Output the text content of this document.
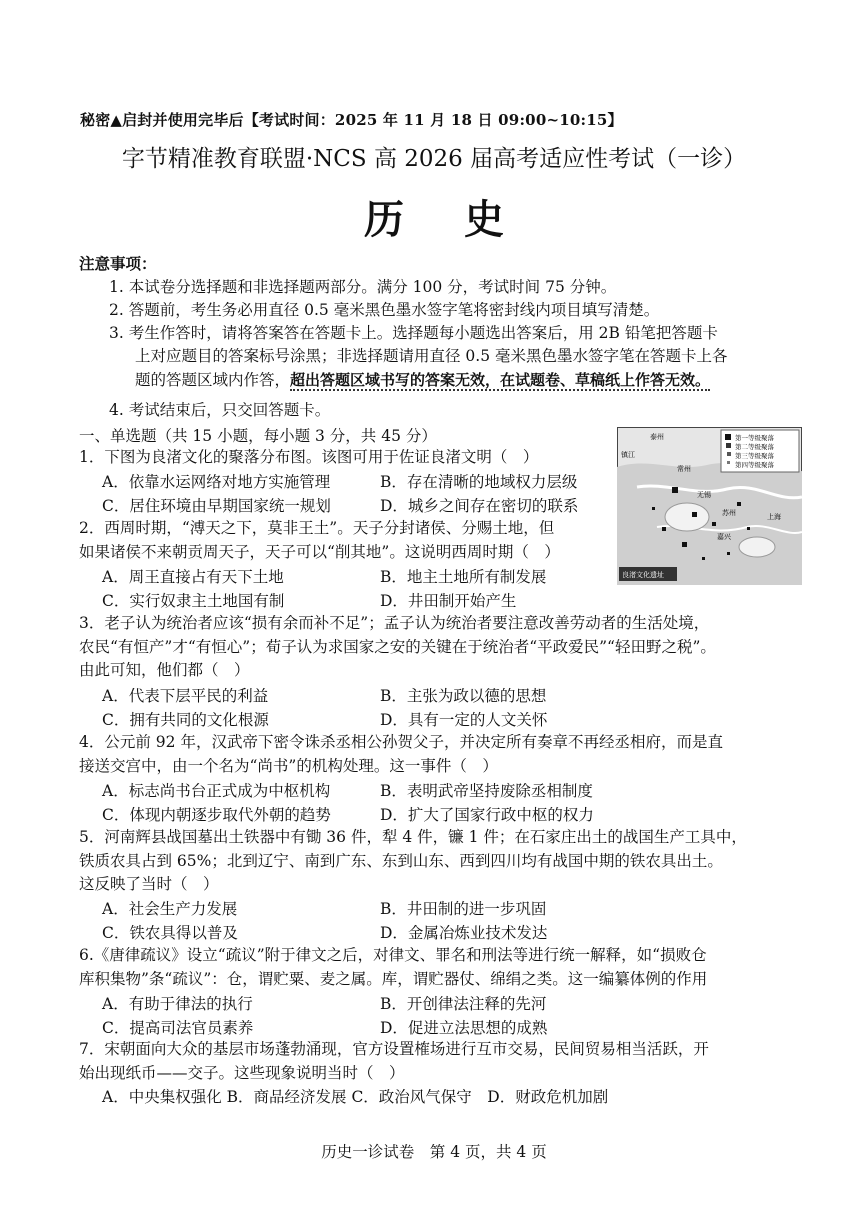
秘密▲启封并使用完毕后【考试时间：2025 年 11 月 18 日 09:00~10:15】
字节精准教育联盟·NCS 高 2026 届高考适应性考试（一诊）
历史
注意事项：
1. 本试卷分选择题和非选择题两部分。满分 100 分，考试时间 75 分钟。
2. 答题前，考生务必用直径 0.5 毫米黑色墨水签字笔将密封线内项目填写清楚。
3. 考生作答时，请将答案答在答题卡上。选择题每小题选出答案后，用 2B 铅笔把答题卡
上对应题目的答案标号涂黑；非选择题请用直径 0.5 毫米黑色墨水签字笔在答题卡上各
题的答题区域内作答，超出答题区域书写的答案无效，在试题卷、草稿纸上作答无效。
4. 考试结束后，只交回答题卡。
一、单选题（共 15 小题，每小题 3 分，共 45 分）	第一等级聚落
第二等级聚落
第三等级聚落
第四等级聚落
泰州
镇江
常州
无锡
苏州
嘉兴
上海
良渚文化遗址
1．下图为良渚文化的聚落分布图。该图可用于佐证良渚文明（　）
A．依靠水运网络对地方实施管理	B．存在清晰的地域权力层级
C．居住环境由早期国家统一规划	D．城乡之间存在密切的联系
2．西周时期，“溥天之下，莫非王土”。天子分封诸侯、分赐土地，但
如果诸侯不来朝贡周天子，天子可以“削其地”。这说明西周时期（　）
A．周王直接占有天下土地	B．地主土地所有制发展
C．实行奴隶主土地国有制	D．井田制开始产生
3．老子认为统治者应该“损有余而补不足”；孟子认为统治者要注意改善劳动者的生活处境，
农民“有恒产”才“有恒心”；荀子认为求国家之安的关键在于统治者“平政爱民”“轻田野之税”。
由此可知，他们都（　）
A．代表下层平民的利益	B．主张为政以德的思想
C．拥有共同的文化根源	D．具有一定的人文关怀
4．公元前 92 年，汉武帝下密令诛杀丞相公孙贺父子，并决定所有奏章不再经丞相府，而是直
接送交宫中，由一个名为“尚书”的机构处理。这一事件（　）
A．标志尚书台正式成为中枢机构	B．表明武帝坚持废除丞相制度
C．体现内朝逐步取代外朝的趋势	D．扩大了国家行政中枢的权力
5．河南辉县战国墓出土铁器中有锄 36 件，犁 4 件，镰 1 件；在石家庄出土的战国生产工具中，
铁质农具占到 65%；北到辽宁、南到广东、东到山东、西到四川均有战国中期的铁农具出土。
这反映了当时（　）
A．社会生产力发展	B．井田制的进一步巩固
C．铁农具得以普及	D．金属冶炼业技术发达
6.《唐律疏议》设立“疏议”附于律文之后，对律文、罪名和刑法等进行统一解释，如“损败仓
库积集物”条“疏议”：仓，谓贮粟、麦之属。库，谓贮器仗、绵绢之类。这一编纂体例的作用
A．有助于律法的执行	B．开创律法注释的先河
C．提高司法官员素养	D．促进立法思想的成熟
7．宋朝面向大众的基层市场蓬勃涌现，官方设置榷场进行互市交易，民间贸易相当活跃，开
始出现纸币——交子。这些现象说明当时（　）
A．中央集权强化 B．商品经济发展 C．政治风气保守　D．财政危机加剧
历史一诊试卷　第 4 页，共 4 页
